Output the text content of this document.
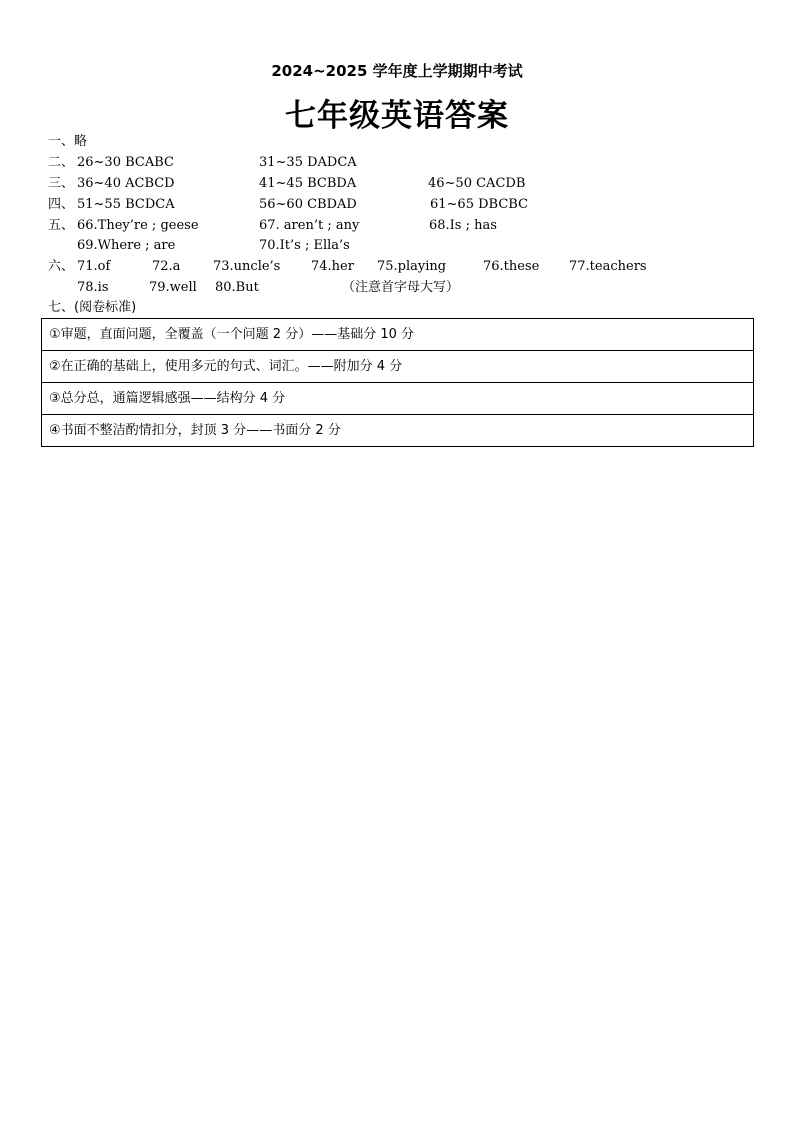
2024~2025 学年度上学期期中考试
七年级英语答案
一、略
二、 26~30 BCABC	31~35 DADCA
三、 36~40 ACBCD	41~45 BCBDA	46~50 CACDB
四、 51~55 BCDCA	56~60 CBDAD	61~65 DBCBC
五、 66.They’re ; geese	67. aren’t ; any	68.Is ; has
69.Where ; are	70.It’s ; Ella’s
六、 71.of	72.a	73.uncle’s 74.her 75.playing	76.these 77.teachers
78.is	79.well 80.But	（注意首字母大写）
七、(阅卷标准)
①审题，直面问题，全覆盖（一个问题 2 分）——基础分 10 分
②在正确的基础上，使用多元的句式、词汇。——附加分 4 分
③总分总，通篇逻辑感强——结构分 4 分
④书面不整洁酌情扣分，封顶 3 分——书面分 2 分
